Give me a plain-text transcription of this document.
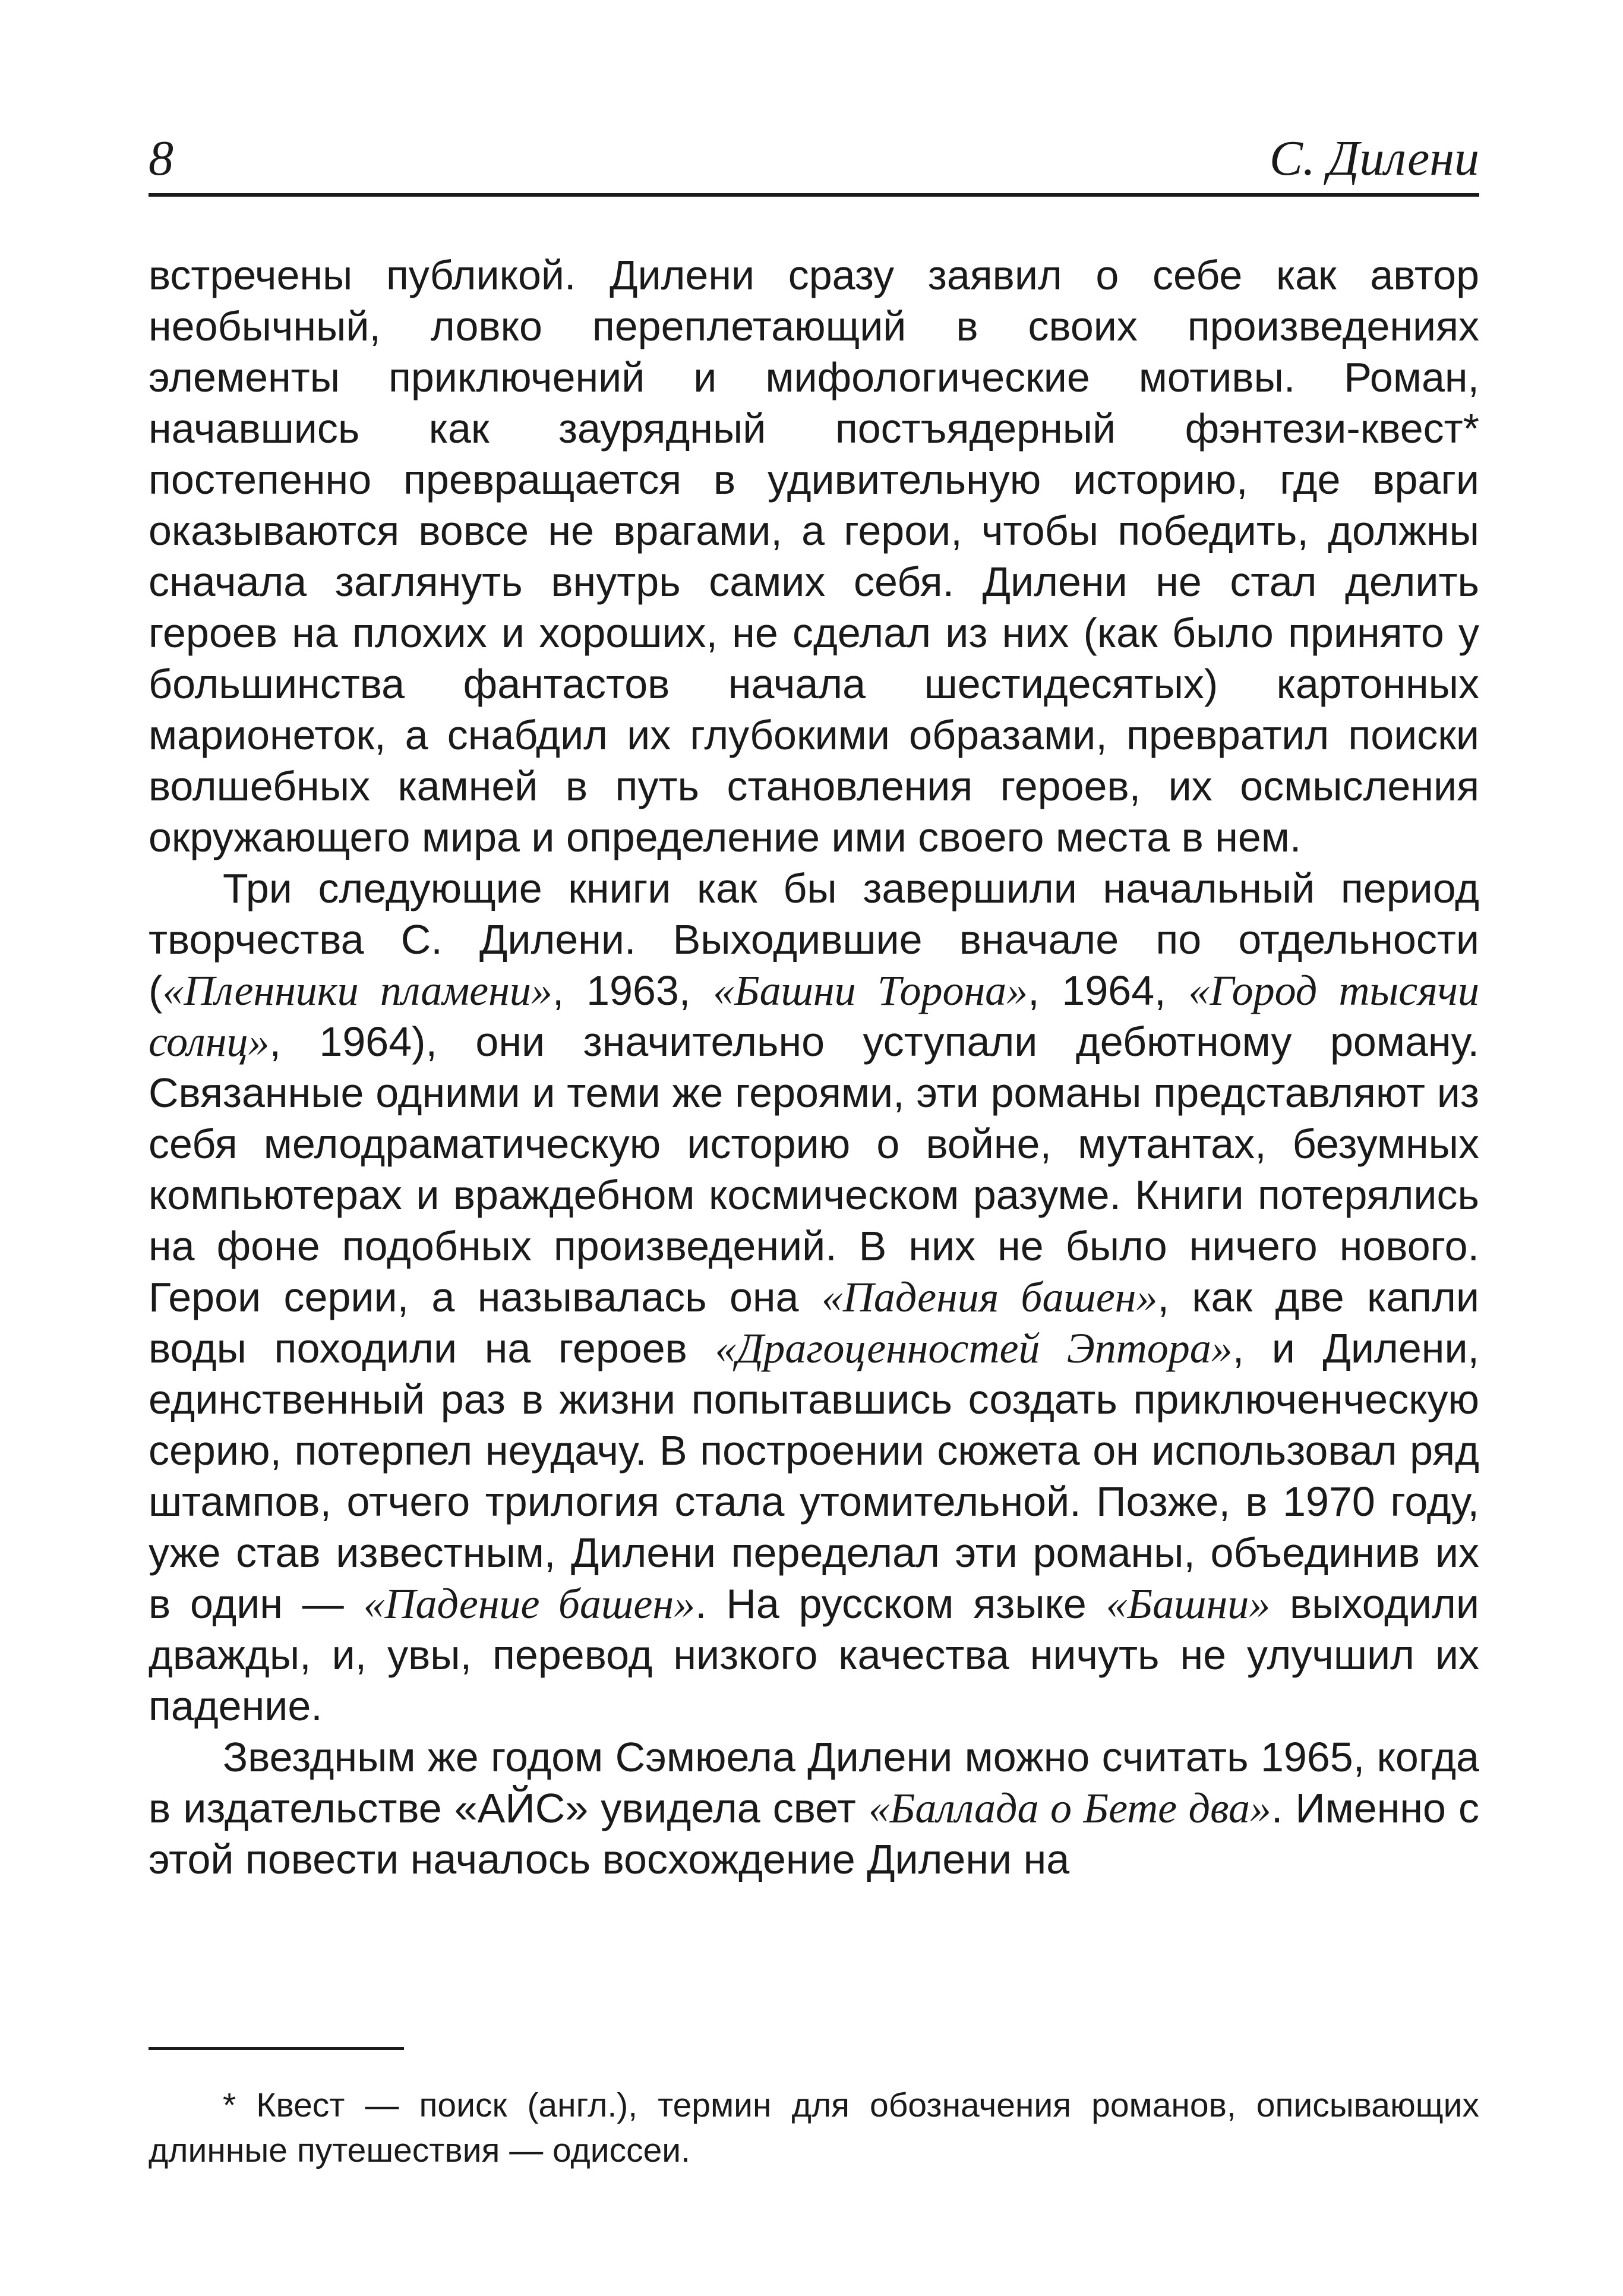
8	С. Дилени

встречены публикой. Дилени сразу заявил о себе как автор необычный, ловко переплетающий в своих произведениях элементы приключений и мифологические мотивы. Роман, начавшись как заурядный постъядерный фэнтези-квест* постепенно превращается в удивительную историю, где враги оказываются вовсе не врагами, а герои, чтобы победить, должны сначала заглянуть внутрь самих себя. Дилени не стал делить героев на плохих и хороших, не сделал из них (как было принято у большинства фантастов начала шестидесятых) картонных марионеток, а снабдил их глубокими образами, превратил поиски волшебных камней в путь становления героев, их осмысления окружающего мира и определение ими своего места в нем.

Три следующие книги как бы завершили начальный период творчества С. Дилени. Выходившие вначале по отдельности («Пленники пламени», 1963, «Башни Торона», 1964, «Город тысячи солнц», 1964), они значительно уступали дебютному роману. Связанные одними и теми же героями, эти романы представляют из себя мелодраматическую историю о войне, мутантах, безумных компьютерах и враждебном космическом разуме. Книги потерялись на фоне подобных произведений. В них не было ничего нового. Герои серии, а называлась она «Падения башен», как две капли воды походили на героев «Драгоценностей Эптора», и Дилени, единственный раз в жизни попытавшись создать приключенческую серию, потерпел неудачу. В построении сюжета он использовал ряд штампов, отчего трилогия стала утомительной. Позже, в 1970 году, уже став известным, Дилени переделал эти романы, объединив их в один — «Падение башен». На русском языке «Башни» выходили дважды, и, увы, перевод низкого качества ничуть не улучшил их падение.

Звездным же годом Сэмюела Дилени можно считать 1965, когда в издательстве «АЙС» увидела свет «Баллада о Бете два». Именно с этой повести началось восхождение Дилени на

* Квест — поиск (англ.), термин для обозначения романов, описывающих длинные путешествия — одиссеи.
